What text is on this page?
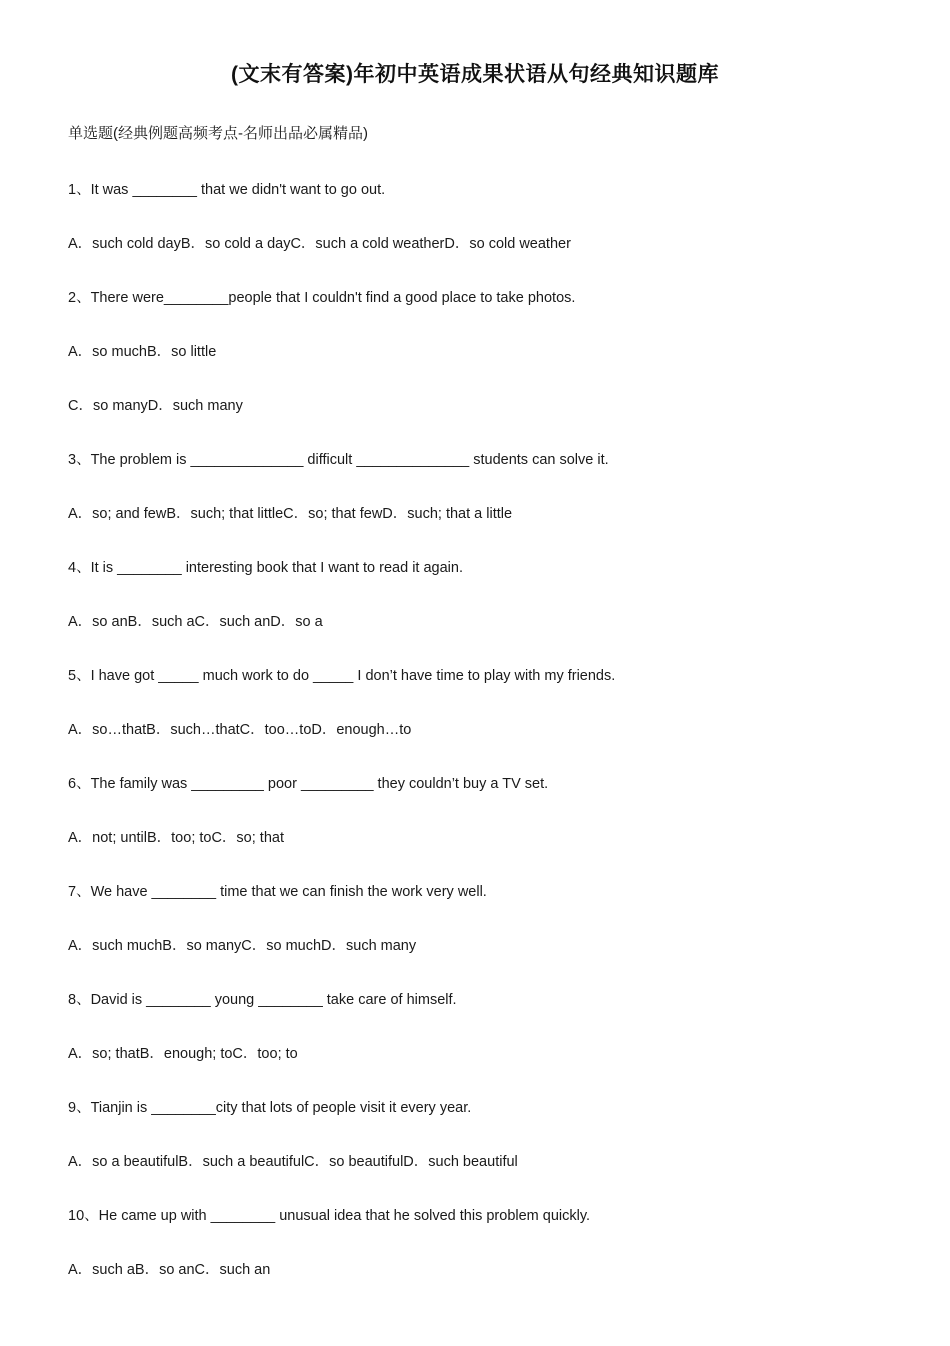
(文末有答案)年初中英语成果状语从句经典知识题库
单选题(经典例题高频考点-名师出品必属精品)
1、It was ________ that we didn't want to go out.
A．such cold dayB．so cold a dayC．such a cold weatherD．so cold weather
2、There were________people that I couldn't find a good place to take photos.
A．so muchB．so little
C．so manyD．such many
3、The problem is ______________ difficult ______________ students can solve it.
A．so; and fewB．such; that littleC．so; that fewD．such; that a little
4、It is ________ interesting book that I want to read it again.
A．so anB．such aC．such anD．so a
5、I have got _____ much work to do _____ I don’t have time to play with my friends.
A．so…thatB．such…thatC．too…toD．enough…to
6、The family was _________ poor _________ they couldn’t buy a TV set.
A．not; untilB．too; toC．so; that
7、We have ________ time that we can finish the work very well.
A．such muchB．so manyC．so muchD．such many
8、David is ________ young ________ take care of himself.
A．so; thatB．enough; toC．too; to
9、Tianjin is ________city that lots of people visit it every year.
A．so a beautifulB．such a beautifulC．so beautifulD．such beautiful
10、He came up with ________ unusual idea that he solved this problem quickly.
A．such aB．so anC．such an
